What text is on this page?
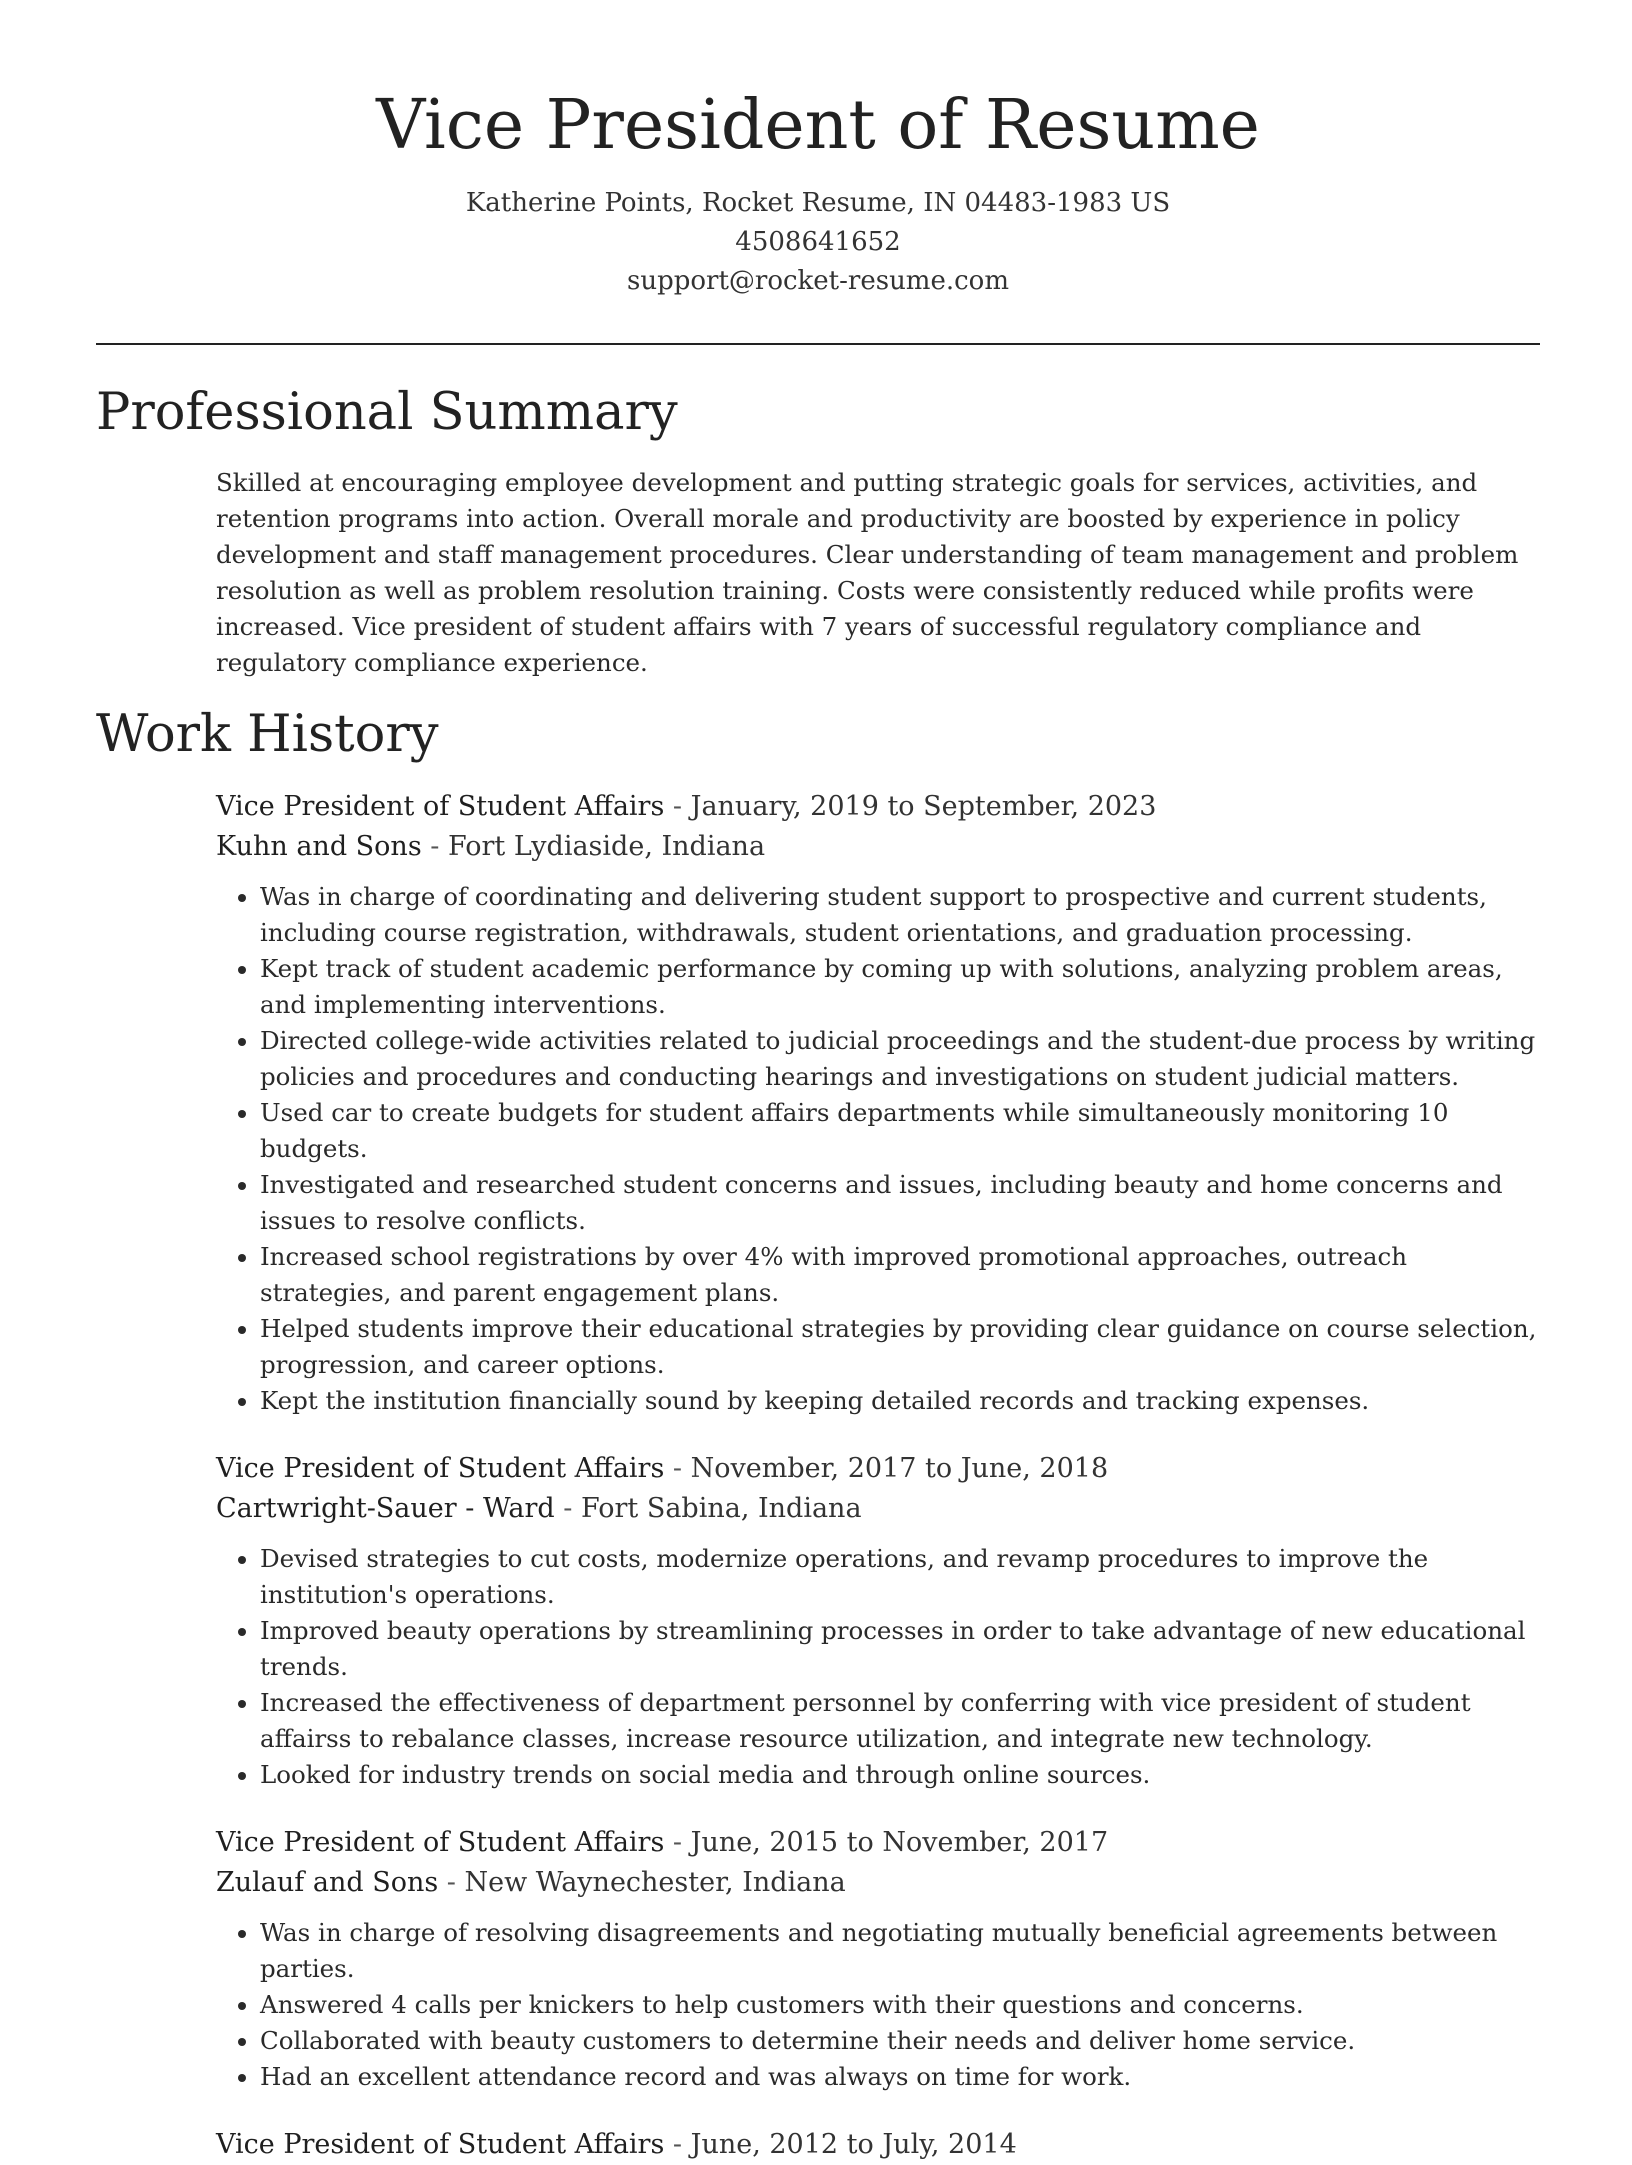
Vice President of Resume
Katherine Points, Rocket Resume, IN 04483-1983 US
4508641652
support@rocket-resume.com
Professional Summary

Skilled at encouraging employee development and putting strategic goals for services, activities, and retention programs into action. Overall morale and productivity are boosted by experience in policy development and staff management procedures. Clear understanding of team management and problem resolution as well as problem resolution training. Costs were consistently reduced while profits were increased. Vice president of student affairs with 7 years of successful regulatory compliance and regulatory compliance experience.

Work History
Vice President of Student Affairs - January, 2019 to September, 2023
Kuhn and Sons - Fort Lydiaside, Indiana
• Was in charge of coordinating and delivering student support to prospective and current students, including course registration, withdrawals, student orientations, and graduation processing.
• Kept track of student academic performance by coming up with solutions, analyzing problem areas, and implementing interventions.
• Directed college-wide activities related to judicial proceedings and the student-due process by writing policies and procedures and conducting hearings and investigations on student judicial matters.
• Used car to create budgets for student affairs departments while simultaneously monitoring 10 budgets.
• Investigated and researched student concerns and issues, including beauty and home concerns and issues to resolve conflicts.
• Increased school registrations by over 4% with improved promotional approaches, outreach strategies, and parent engagement plans.
• Helped students improve their educational strategies by providing clear guidance on course selection, progression, and career options.
• Kept the institution financially sound by keeping detailed records and tracking expenses.
Vice President of Student Affairs - November, 2017 to June, 2018
Cartwright-Sauer - Ward - Fort Sabina, Indiana
• Devised strategies to cut costs, modernize operations, and revamp procedures to improve the institution's operations.
• Improved beauty operations by streamlining processes in order to take advantage of new educational trends.
• Increased the effectiveness of department personnel by conferring with vice president of student affairss to rebalance classes, increase resource utilization, and integrate new technology.
• Looked for industry trends on social media and through online sources.
Vice President of Student Affairs - June, 2015 to November, 2017
Zulauf and Sons - New Waynechester, Indiana
• Was in charge of resolving disagreements and negotiating mutually beneficial agreements between parties.
• Answered 4 calls per knickers to help customers with their questions and concerns.
• Collaborated with beauty customers to determine their needs and deliver home service.
• Had an excellent attendance record and was always on time for work.
Vice President of Student Affairs - June, 2012 to July, 2014
